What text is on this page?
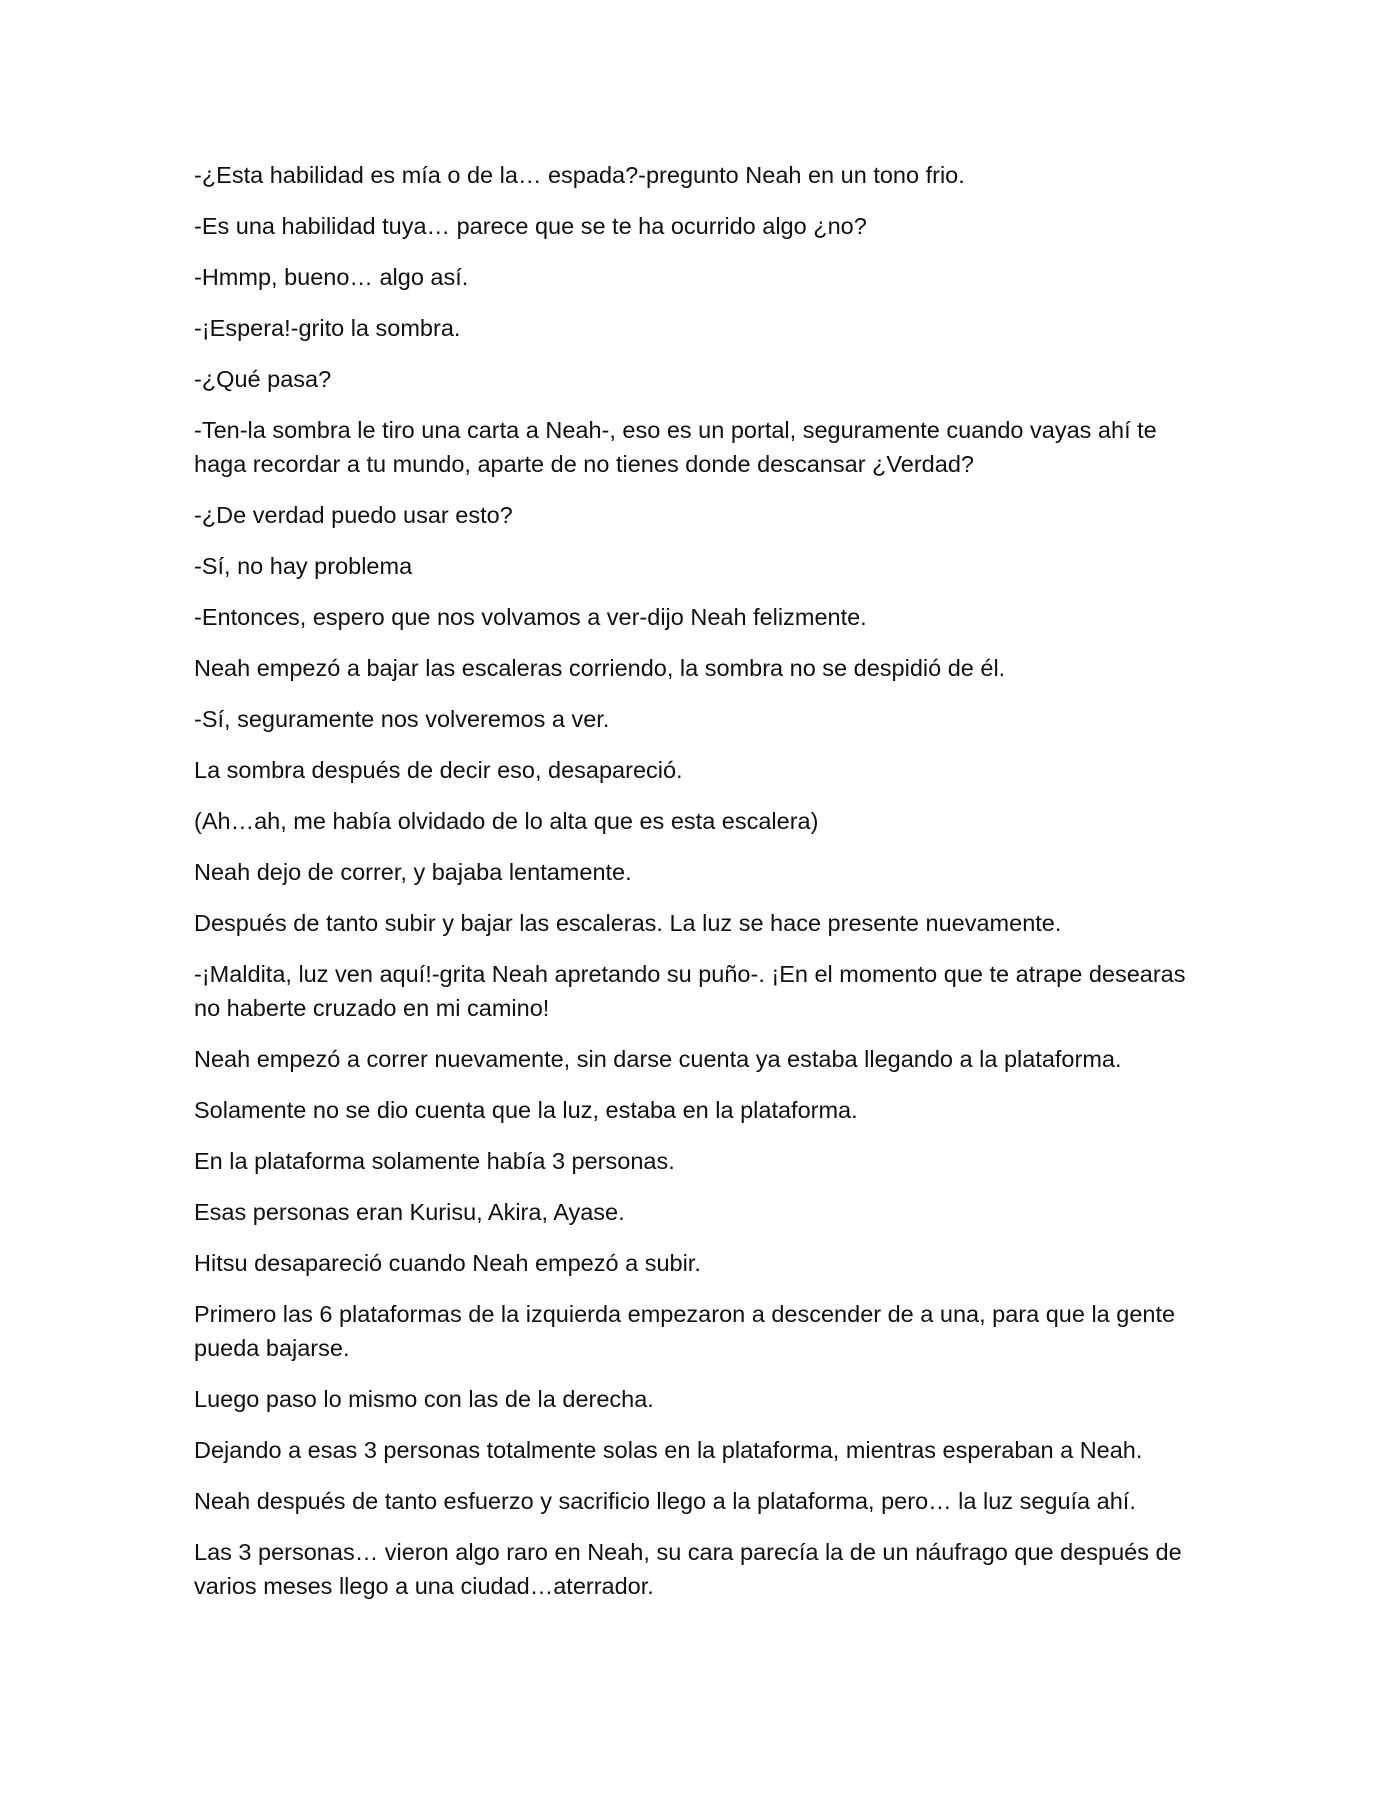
-¿Esta habilidad es mía o de la… espada?-pregunto Neah en un tono frio.

-Es una habilidad tuya… parece que se te ha ocurrido algo ¿no?

-Hmmp, bueno… algo así.

-¡Espera!-grito la sombra.

-¿Qué pasa?

-Ten-la sombra le tiro una carta a Neah-, eso es un portal, seguramente cuando vayas ahí te haga recordar a tu mundo, aparte de no tienes donde descansar ¿Verdad?

-¿De verdad puedo usar esto?

-Sí, no hay problema

-Entonces, espero que nos volvamos a ver-dijo Neah felizmente.

Neah empezó a bajar las escaleras corriendo, la sombra no se despidió de él.

-Sí, seguramente nos volveremos a ver.

La sombra después de decir eso, desapareció.

(Ah…ah, me había olvidado de lo alta que es esta escalera)

Neah dejo de correr, y bajaba lentamente.

Después de tanto subir y bajar las escaleras. La luz se hace presente nuevamente.

-¡Maldita, luz ven aquí!-grita Neah apretando su puño-. ¡En el momento que te atrape desearas no haberte cruzado en mi camino!

Neah empezó a correr nuevamente, sin darse cuenta ya estaba llegando a la plataforma.

Solamente no se dio cuenta que la luz, estaba en la plataforma.

En la plataforma solamente había 3 personas.

Esas personas eran Kurisu, Akira, Ayase.

Hitsu desapareció cuando Neah empezó a subir.

Primero las 6 plataformas de la izquierda empezaron a descender de a una, para que la gente pueda bajarse.

Luego paso lo mismo con las de la derecha.

Dejando a esas 3 personas totalmente solas en la plataforma, mientras esperaban a Neah.

Neah después de tanto esfuerzo y sacrificio llego a la plataforma, pero… la luz seguía ahí.

Las 3 personas… vieron algo raro en Neah, su cara parecía la de un náufrago que después de varios meses llego a una ciudad…aterrador.
